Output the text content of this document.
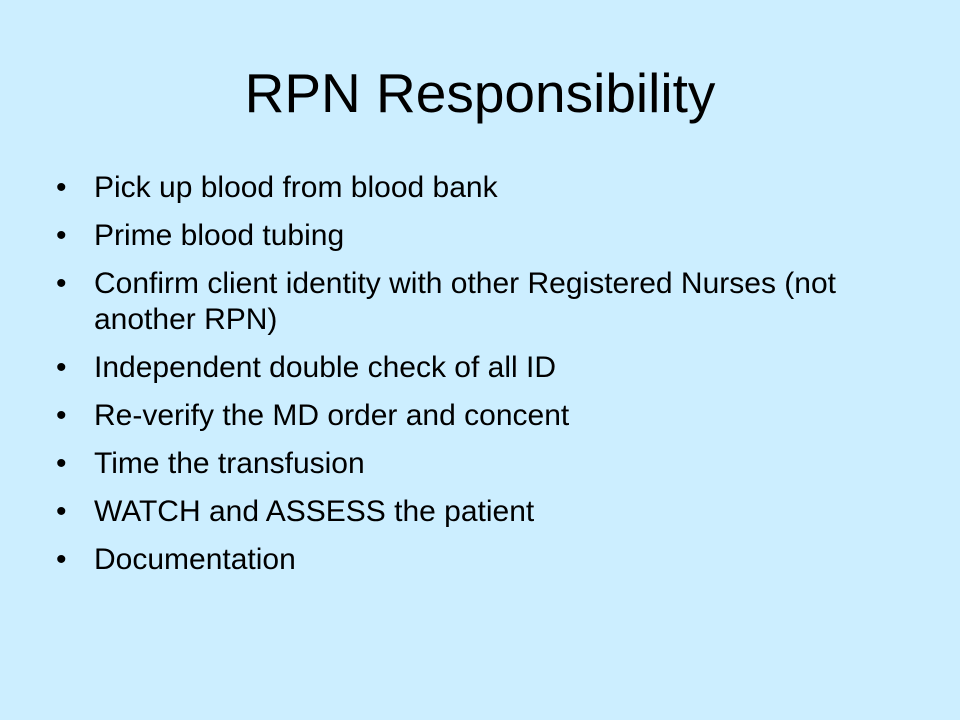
RPN Responsibility
• Pick up blood from blood bank
• Prime blood tubing
• Confirm client identity with other Registered Nurses (not another RPN)
• Independent double check of all ID
• Re-verify the MD order and concent
• Time the transfusion
• WATCH and ASSESS the patient
• Documentation
